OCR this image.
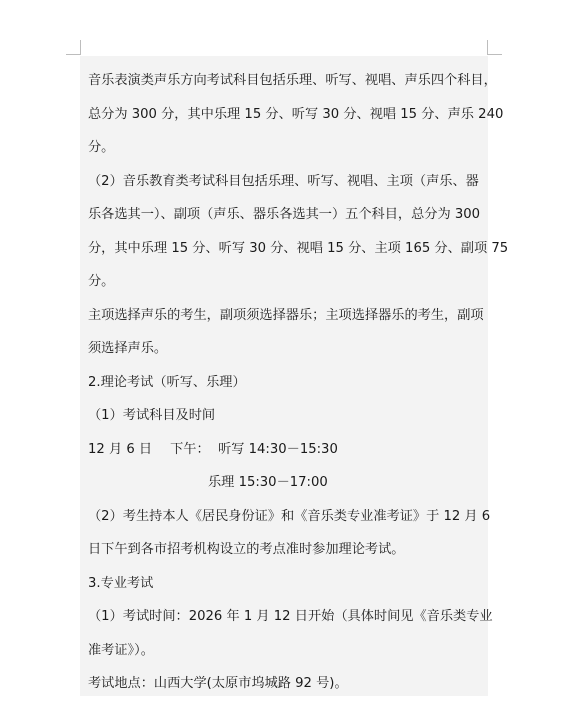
音乐表演类声乐方向考试科目包括乐理、听写、视唱、声乐四个科目，
总分为 300 分，其中乐理 15 分、听写 30 分、视唱 15 分、声乐 240
分。
（2）音乐教育类考试科目包括乐理、听写、视唱、主项（声乐、器
乐各选其一）、副项（声乐、器乐各选其一）五个科目，总分为 300
分，其中乐理 15 分、听写 30 分、视唱 15 分、主项 165 分、副项 75
分。
主项选择声乐的考生，副项须选择器乐；主项选择器乐的考生，副项
须选择声乐。
2.理论考试（听写、乐理）
（1）考试科目及时间
12 月 6 日 下午： 听写 14:30－15:30
乐理 15:30－17:00
（2）考生持本人《居民身份证》和《音乐类专业准考证》于 12 月 6
日下午到各市招考机构设立的考点准时参加理论考试。
3.专业考试
（1）考试时间：2026 年 1 月 12 日开始（具体时间见《音乐类专业
准考证》）。
考试地点：山西大学(太原市坞城路 92 号)。
